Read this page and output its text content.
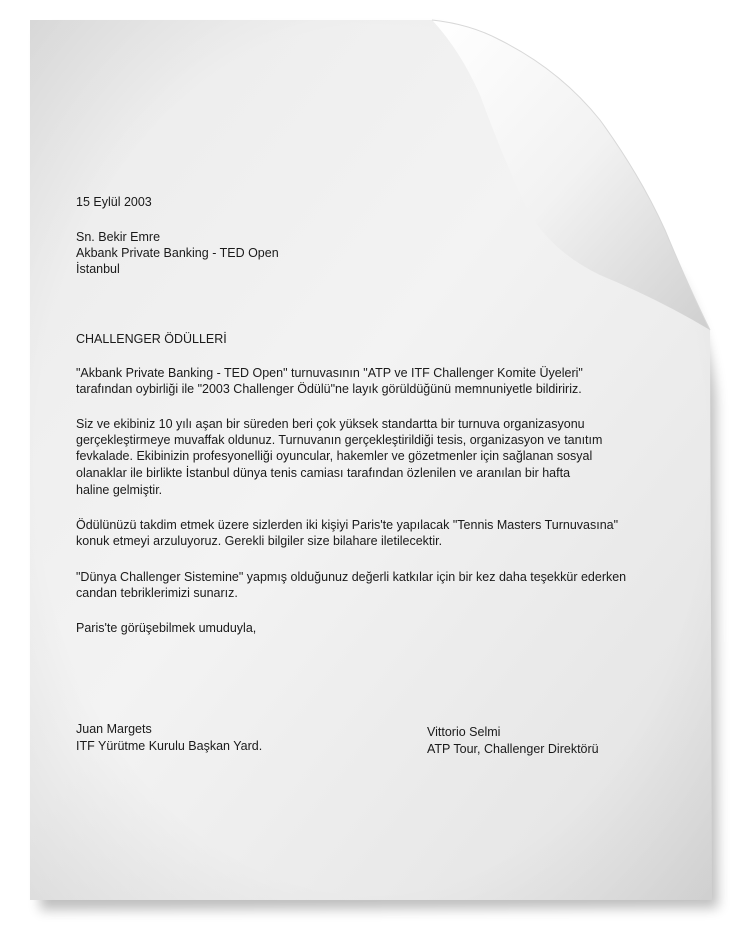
15 Eylül 2003
Sn. Bekir Emre
Akbank Private Banking - TED Open
İstanbul
CHALLENGER ÖDÜLLERİ
"Akbank Private Banking - TED Open" turnuvasının "ATP ve ITF Challenger Komite Üyeleri"
tarafından oybirliği ile "2003 Challenger Ödülü"ne layık görüldüğünü memnuniyetle bildiririz.
Siz ve ekibiniz 10 yılı aşan bir süreden beri çok yüksek standartta bir turnuva organizasyonu
gerçekleştirmeye muvaffak oldunuz. Turnuvanın gerçekleştirildiği tesis, organizasyon ve tanıtım
fevkalade. Ekibinizin profesyonelliği oyuncular, hakemler ve gözetmenler için sağlanan sosyal
olanaklar ile birlikte İstanbul dünya tenis camiası tarafından özlenilen ve aranılan bir hafta
haline gelmiştir.
Ödülünüzü takdim etmek üzere sizlerden iki kişiyi Paris'te yapılacak "Tennis Masters Turnuvasına"
konuk etmeyi arzuluyoruz. Gerekli bilgiler size bilahare iletilecektir.
"Dünya Challenger Sistemine" yapmış olduğunuz değerli katkılar için bir kez daha teşekkür ederken
candan tebriklerimizi sunarız.
Paris'te görüşebilmek umuduyla,
Juan Margets
ITF Yürütme Kurulu Başkan Yard.
Vittorio Selmi
ATP Tour, Challenger Direktörü
